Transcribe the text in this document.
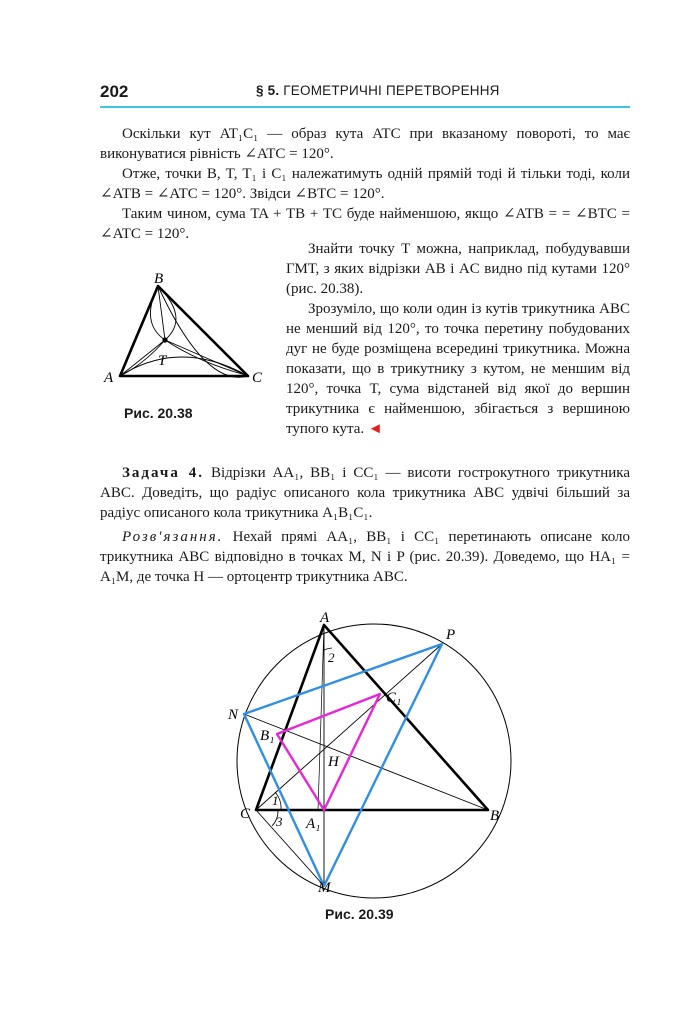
202	§ 5. ГЕОМЕТРИЧНІ ПЕРЕТВОРЕННЯ

Оскільки кут AT₁C₁ — образ кута ATC при вказаному повороті, то має виконуватися рівність ∠ATC = 120°.

Отже, точки B, T, T₁ і C₁ належатимуть одній прямій тоді й тільки тоді, коли ∠ATB = ∠ATC = 120°. Звідси ∠BTC = 120°.

Таким чином, сума TA + TB + TC буде найменшою, якщо ∠ATB = = ∠BTC = ∠ATC = 120°.

B
A	C
T
Рис. 20.38

Знайти точку T можна, наприклад, побудувавши ГМТ, з яких відрізки AB і AC видно під кутами 120° (рис. 20.38).

Зрозуміло, що коли один із кутів трикутника ABC не менший від 120°, то точка перетину побудованих дуг не буде розміщена всередині трикутника. Можна показати, що в трикутнику з кутом, не меншим від 120°, точка T, сума відстаней від якої до вершин трикутника є найменшою, збігається з вершиною тупого кута. ◄

Задача 4. Відрізки AA₁, BB₁ і CC₁ — висоти гострокутного трикутника ABC. Доведіть, що радіус описаного кола трикутника ABC удвічі більший за радіус описаного кола трикутника A₁B₁C₁.

Розв'язання. Нехай прямі AA₁, BB₁ і CC₁ перетинають описане коло трикутника ABC відповідно в точках M, N і P (рис. 20.39). Доведемо, що HA₁ = A₁M, де точка H — ортоцентр трикутника ABC.

A
P
N
C	B
M
H
C₁
B₁
A₁
2
1
3
Рис. 20.39
